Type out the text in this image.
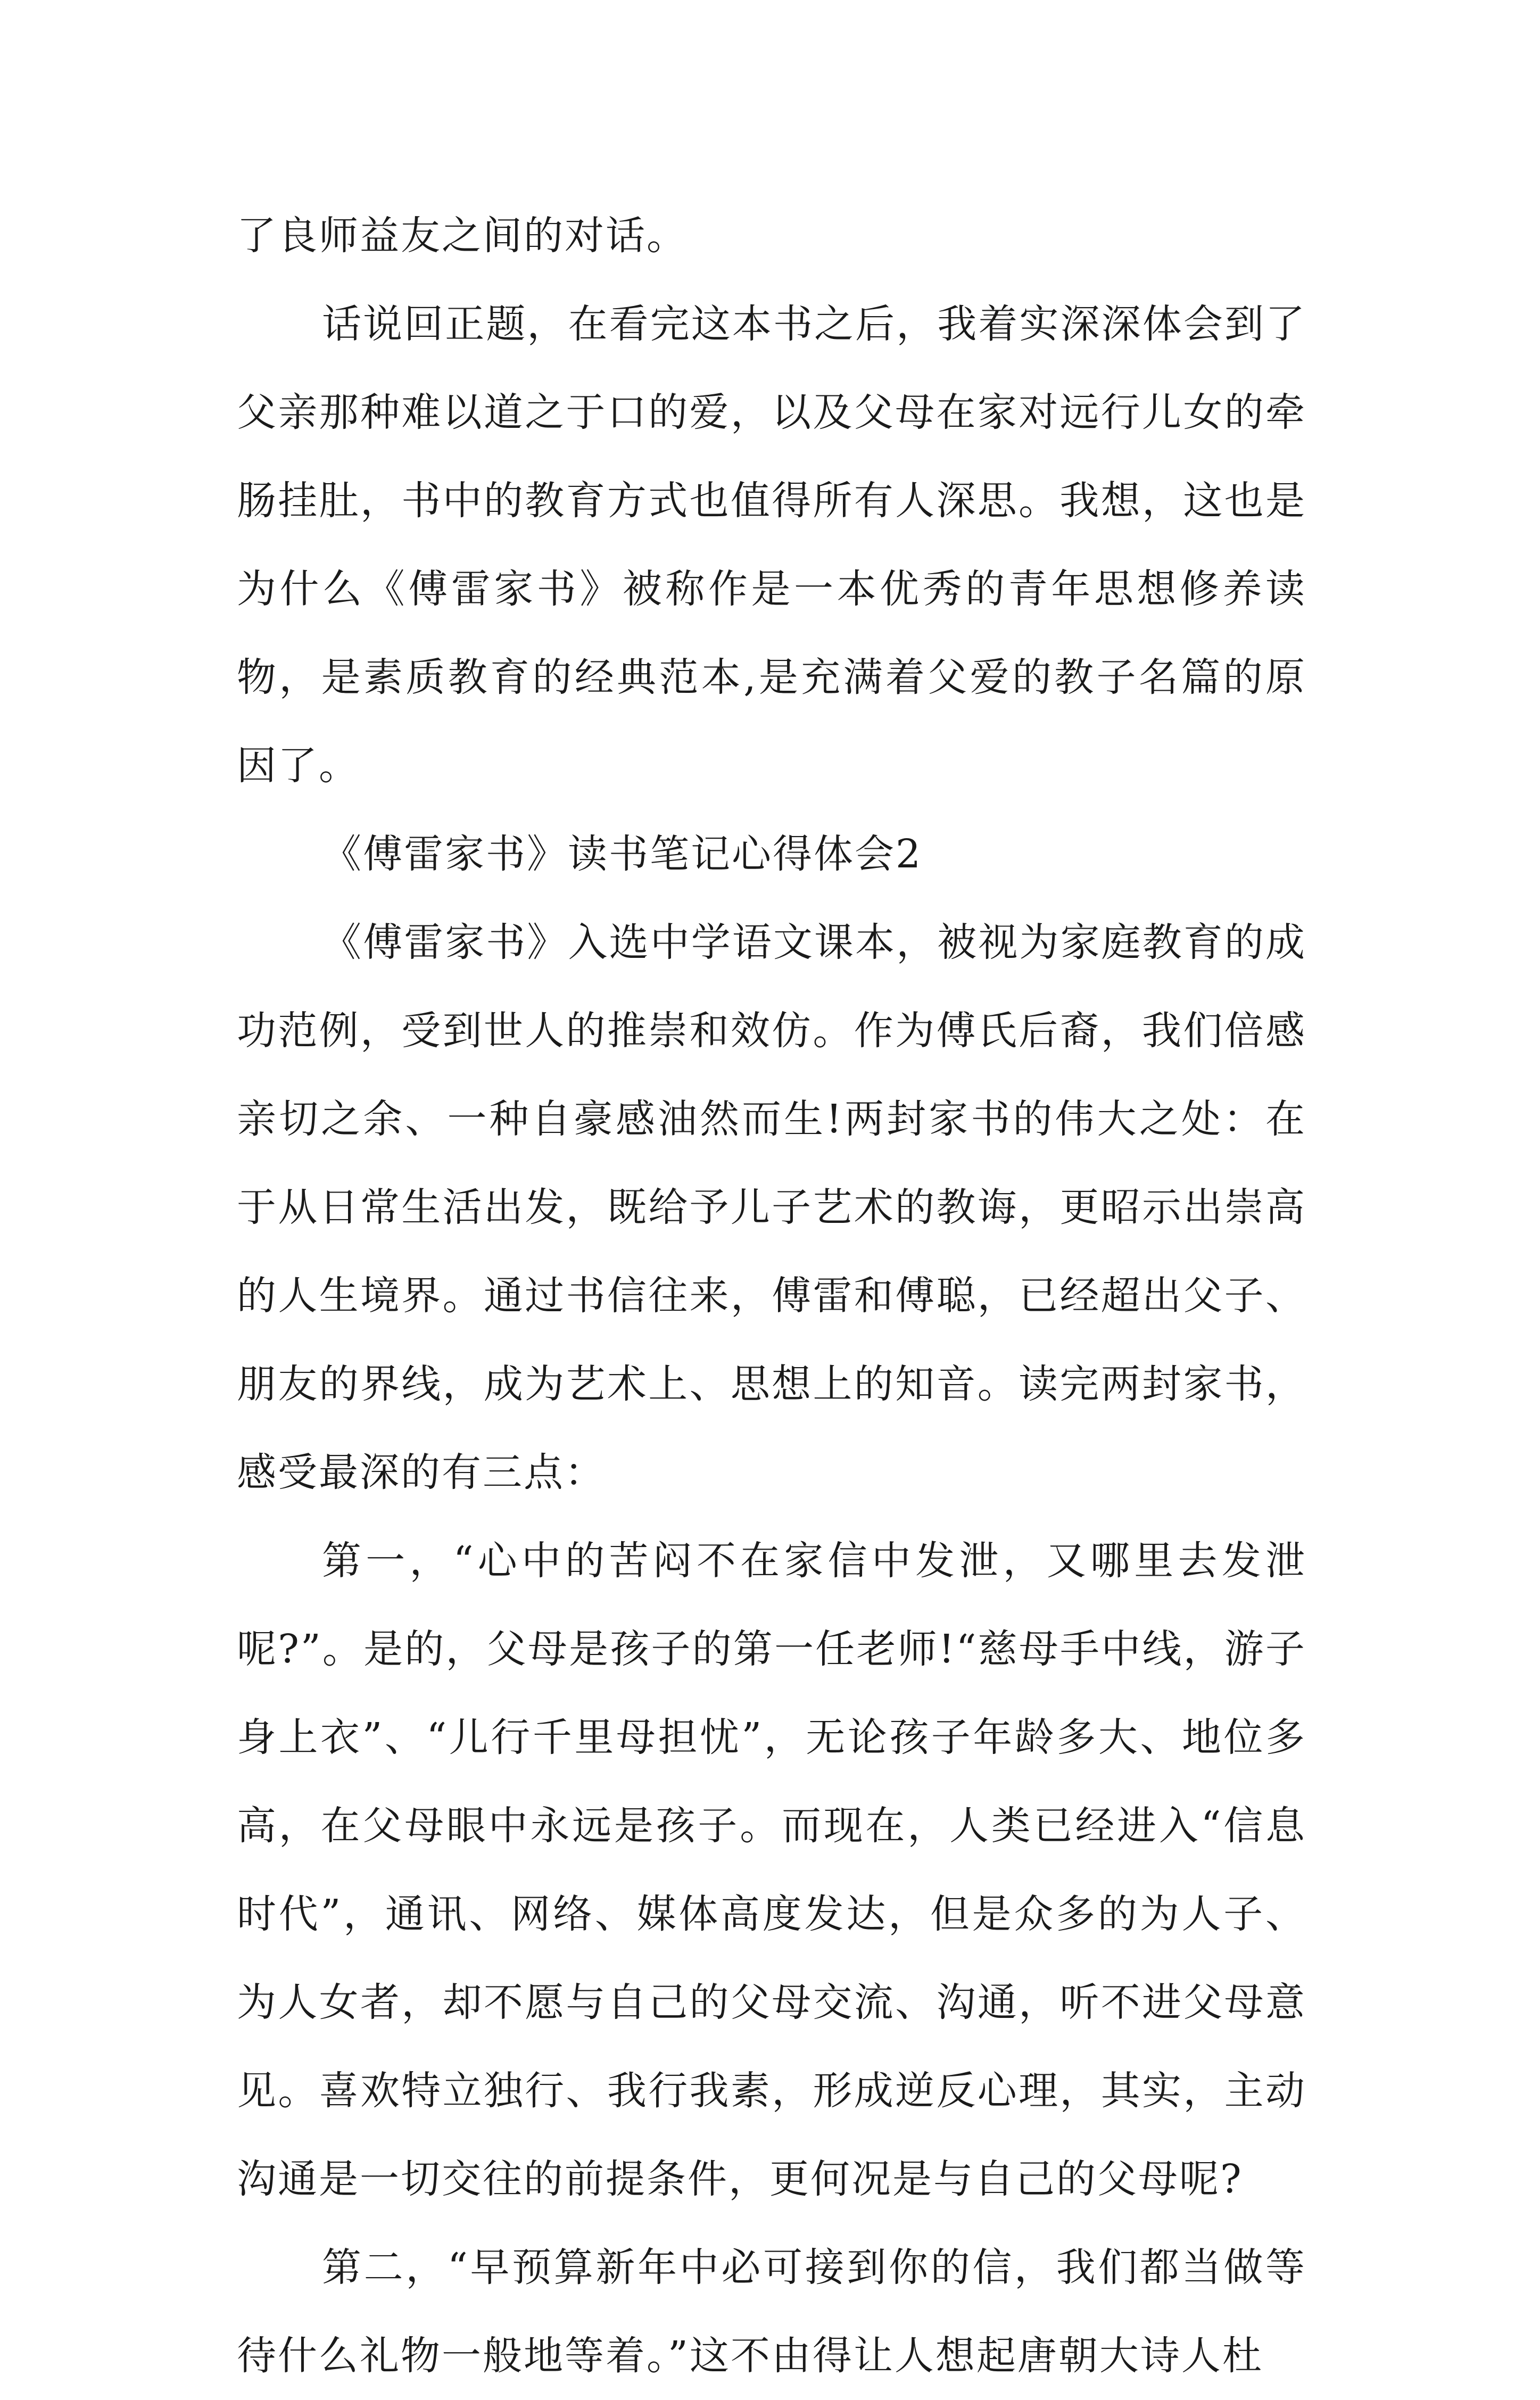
了良师益友之间的对话。

话说回正题，在看完这本书之后，我着实深深体会到了父亲那种难以道之于口的爱，以及父母在家对远行儿女的牵肠挂肚，书中的教育方式也值得所有人深思。我想，这也是为什么《傅雷家书》被称作是一本优秀的青年思想修养读物，是素质教育的经典范本,是充满着父爱的教子名篇的原因了。

《傅雷家书》读书笔记心得体会2

《傅雷家书》入选中学语文课本，被视为家庭教育的成功范例，受到世人的推崇和效仿。作为傅氏后裔，我们倍感亲切之余、一种自豪感油然而生!两封家书的伟大之处：在于从日常生活出发，既给予儿子艺术的教诲，更昭示出崇高的人生境界。通过书信往来，傅雷和傅聪，已经超出父子、朋友的界线，成为艺术上、思想上的知音。读完两封家书，感受最深的有三点：

第一，“心中的苦闷不在家信中发泄，又哪里去发泄呢?”。是的，父母是孩子的第一任老师!“慈母手中线，游子身上衣”、“儿行千里母担忧”，无论孩子年龄多大、地位多高，在父母眼中永远是孩子。而现在，人类已经进入“信息时代”，通讯、网络、媒体高度发达，但是众多的为人子、为人女者，却不愿与自己的父母交流、沟通，听不进父母意见。喜欢特立独行、我行我素，形成逆反心理，其实，主动沟通是一切交往的前提条件，更何况是与自己的父母呢?

第二，“早预算新年中必可接到你的信，我们都当做等待什么礼物一般地等着。”这不由得让人想起唐朝大诗人杜
